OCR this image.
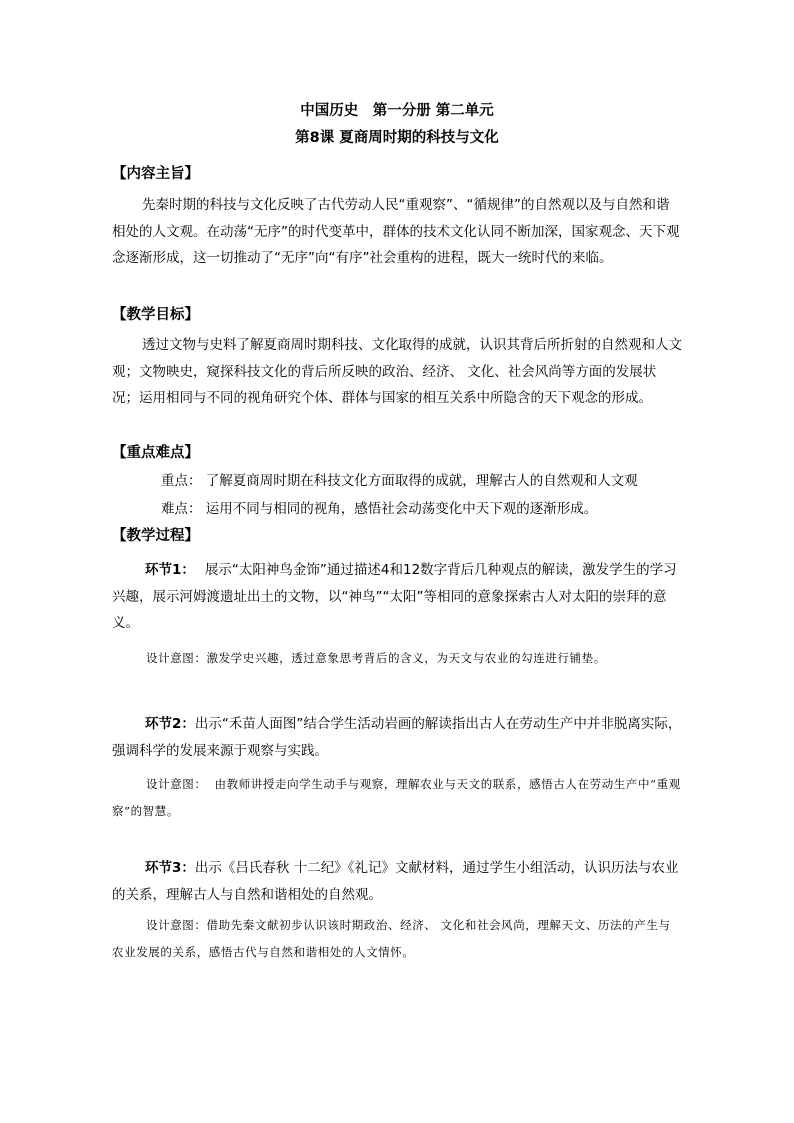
中国历史　第一分册 第二单元
第8课 夏商周时期的科技与文化
【内容主旨】
先秦时期的科技与文化反映了古代劳动人民“重观察”、“循规律”的自然观以及与自然和谐相处的人文观。在动荡“无序”的时代变革中，群体的技术文化认同不断加深，国家观念、天下观念逐渐形成，这一切推动了“无序”向“有序”社会重构的进程，既大一统时代的来临。
【教学目标】
透过文物与史料了解夏商周时期科技、文化取得的成就，认识其背后所折射的自然观和人文观；文物映史，窥探科技文化的背后所反映的政治、经济、 文化、社会风尚等方面的发展状况；运用相同与不同的视角研究个体、群体与国家的相互关系中所隐含的天下观念的形成。
【重点难点】
重点： 了解夏商周时期在科技文化方面取得的成就，理解古人的自然观和人文观
难点： 运用不同与相同的视角，感悟社会动荡变化中天下观的逐渐形成。
【教学过程】
环节1： 展示“太阳神鸟金饰”通过描述4和12数字背后几种观点的解读，激发学生的学习兴趣，展示河姆渡遗址出土的文物，以“神鸟”“太阳”等相同的意象探索古人对太阳的崇拜的意义。
设计意图：激发学史兴趣，透过意象思考背后的含义，为天文与农业的勾连进行铺垫。
环节2：出示“禾苗人面图”结合学生活动岩画的解读指出古人在劳动生产中并非脱离实际，强调科学的发展来源于观察与实践。
设计意图： 由教师讲授走向学生动手与观察，理解农业与天文的联系，感悟古人在劳动生产中“重观察”的智慧。
环节3：出示《吕氏春秋 十二纪》《礼记》文献材料，通过学生小组活动，认识历法与农业的关系，理解古人与自然和谐相处的自然观。
设计意图：借助先秦文献初步认识该时期政治、经济、 文化和社会风尚，理解天文、历法的产生与农业发展的关系，感悟古代与自然和谐相处的人文情怀。
